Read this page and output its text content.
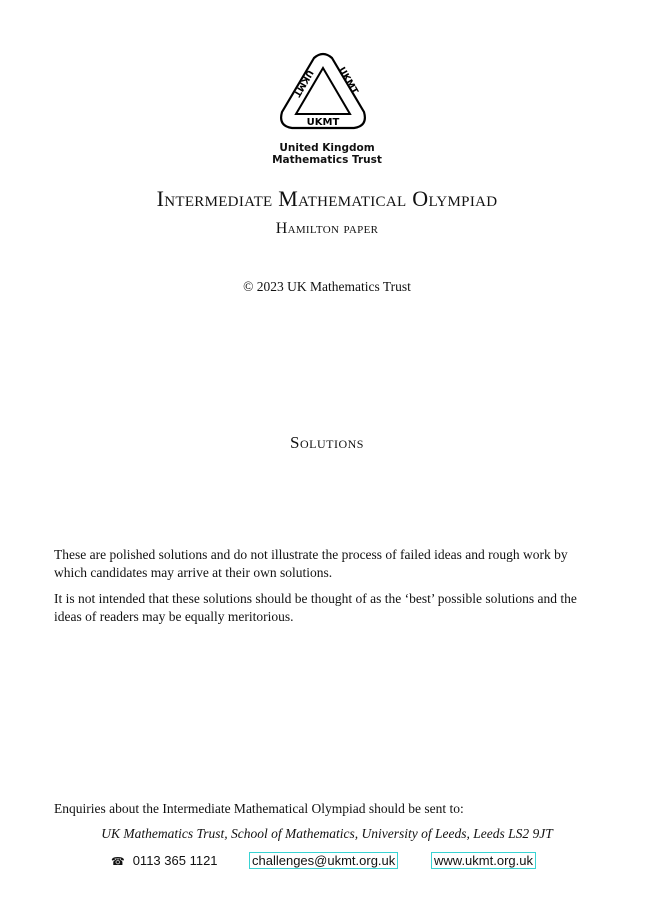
UKMT UKMT
UKMT
United Kingdom
Mathematics Trust
Intermediate Mathematical Olympiad
Hamilton paper
© 2023 UK Mathematics Trust
Solutions

These are polished solutions and do not illustrate the process of failed ideas and rough work by which candidates may arrive at their own solutions.

It is not intended that these solutions should be thought of as the ‘best’ possible solutions and the ideas of readers may be equally meritorious.

Enquiries about the Intermediate Mathematical Olympiad should be sent to:
UK Mathematics Trust, School of Mathematics, University of Leeds, Leeds LS2 9JT
☎ 0113 365 1121	challenges@ukmt.org.uk	www.ukmt.org.uk
